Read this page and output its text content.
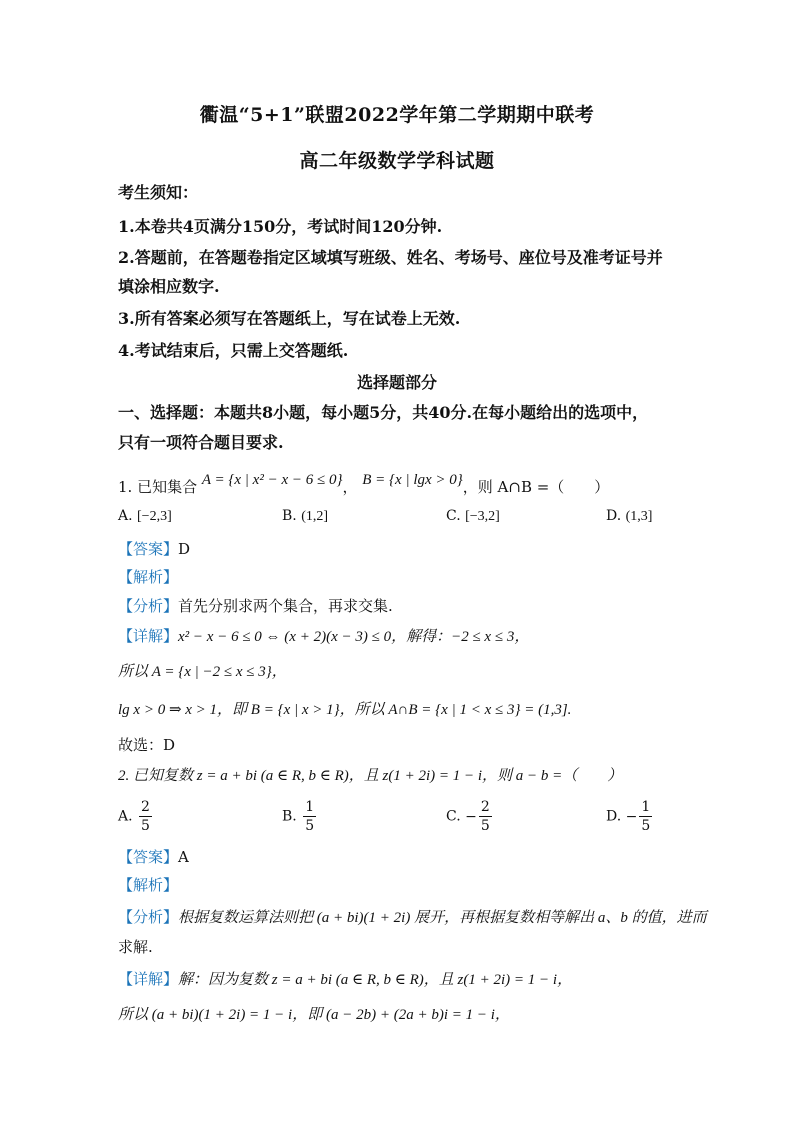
衢温“5+1”联盟2022学年第二学期期中联考
高二年级数学学科试题
考生须知：
1.本卷共4页满分150分，考试时间120分钟.
2.答题前，在答题卷指定区域填写班级、姓名、考场号、座位号及准考证号并
填涂相应数字.
3.所有答案必须写在答题纸上，写在试卷上无效.
4.考试结束后，只需上交答题纸.
选择题部分
一、选择题：本题共8小题，每小题5分，共40分.在每小题给出的选项中，
只有一项符合题目要求.
1. 已知集合 A = {x | x² − x − 6 ≤ 0}， B = {x | lgx > 0}，则 A∩B =（　　）
A. [−2,3]	B. (1,2]	C. [−3,2]	D. (1,3]
【答案】D
【解析】
【分析】首先分别求两个集合，再求交集.
【详解】x² − x − 6 ≤ 0 ⇔ (x + 2)(x − 3) ≤ 0，解得：−2 ≤ x ≤ 3，
所以 A = {x | −2 ≤ x ≤ 3}，
lg x > 0 ⇒ x > 1，即 B = {x | x > 1}，所以 A∩B = {x | 1 < x ≤ 3} = (1,3].
故选：D
2. 已知复数 z = a + bi (a ∈ R, b ∈ R)，且 z(1 + 2i) = 1 − i，则 a − b =（　　）
A. $\frac{2}{5}$	B. $\frac{1}{5}$	C. − $\frac{2}{5}$	D. − $\frac{1}{5}$
【答案】A
【解析】
【分析】根据复数运算法则把 (a + bi)(1 + 2i) 展开，再根据复数相等解出 a、b 的值，进而
求解.
【详解】解：因为复数 z = a + bi (a ∈ R, b ∈ R)，且 z(1 + 2i) = 1 − i，
所以 (a + bi)(1 + 2i) = 1 − i，即 (a − 2b) + (2a + b)i = 1 − i，
